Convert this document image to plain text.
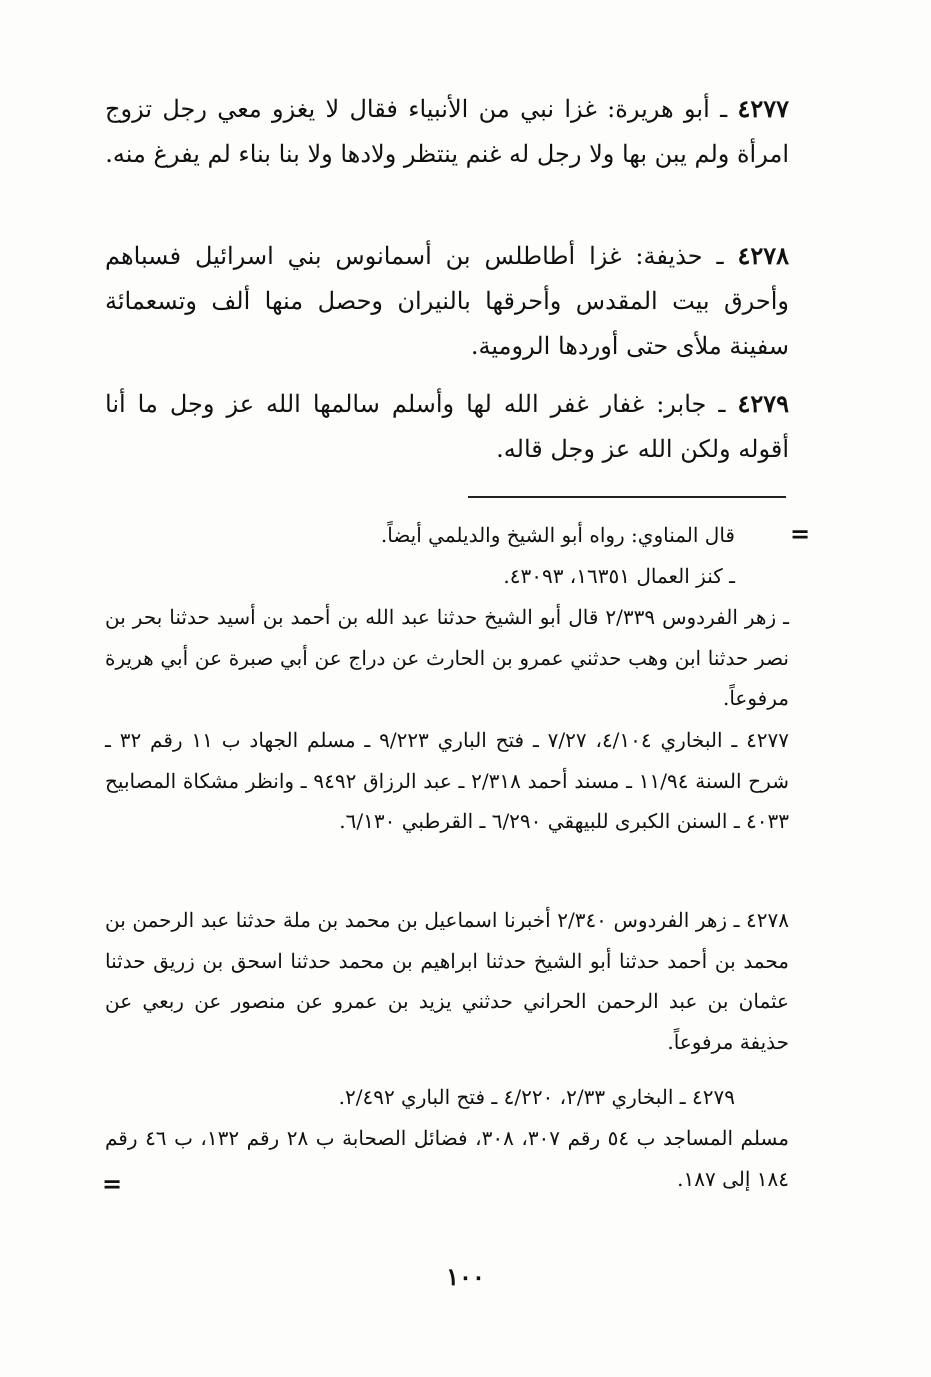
٤٢٧٧ ـ أبو هريرة: غزا نبي من الأنبياء فقال لا يغزو معي رجل تزوج امرأة ولم يبن بها ولا رجل له غنم ينتظر ولادها ولا بنا بناء لم يفرغ منه.

٤٢٧٨ ـ حذيفة: غزا أطاطلس بن أسمانوس بني اسرائيل فسباهم وأحرق بيت المقدس وأحرقها بالنيران وحصل منها ألف وتسعمائة سفينة ملأى حتى أوردها الرومية.

٤٢٧٩ ـ جابر: غفار غفر الله لها وأسلم سالمها الله عز وجل ما أنا أقوله ولكن الله عز وجل قاله.

=

قال المناوي: رواه أبو الشيخ والديلمي أيضاً.

ـ كنز العمال ١٦٣٥١، ٤٣٠٩٣.

ـ زهر الفردوس ٢/٣٣٩ قال أبو الشيخ حدثنا عبد الله بن أحمد بن أسيد حدثنا بحر بن نصر حدثنا ابن وهب حدثني عمرو بن الحارث عن دراج عن أبي صبرة عن أبي هريرة مرفوعاً.

٤٢٧٧ ـ البخاري ٤/١٠٤، ٧/٢٧ ـ فتح الباري ٩/٢٢٣ ـ مسلم الجهاد ب ١١ رقم ٣٢ ـ شرح السنة ١١/٩٤ ـ مسند أحمد ٢/٣١٨ ـ عبد الرزاق ٩٤٩٢ ـ وانظر مشكاة المصابيح ٤٠٣٣ ـ السنن الكبرى للبيهقي ٦/٢٩٠ ـ القرطبي ٦/١٣٠.

٤٢٧٨ ـ زهر الفردوس ٢/٣٤٠ أخبرنا اسماعيل بن محمد بن ملة حدثنا عبد الرحمن بن محمد بن أحمد حدثنا أبو الشيخ حدثنا ابراهيم بن محمد حدثنا اسحق بن زريق حدثنا عثمان بن عبد الرحمن الحراني حدثني يزيد بن عمرو عن منصور عن ربعي عن حذيفة مرفوعاً.

٤٢٧٩ ـ البخاري ٢/٣٣، ٤/٢٢٠ ـ فتح الباري ٢/٤٩٢.

مسلم المساجد ب ٥٤ رقم ٣٠٧، ٣٠٨، فضائل الصحابة ب ٢٨ رقم ١٣٢، ب ٤٦ رقم ١٨٤ إلى ١٨٧.

=
١٠٠
